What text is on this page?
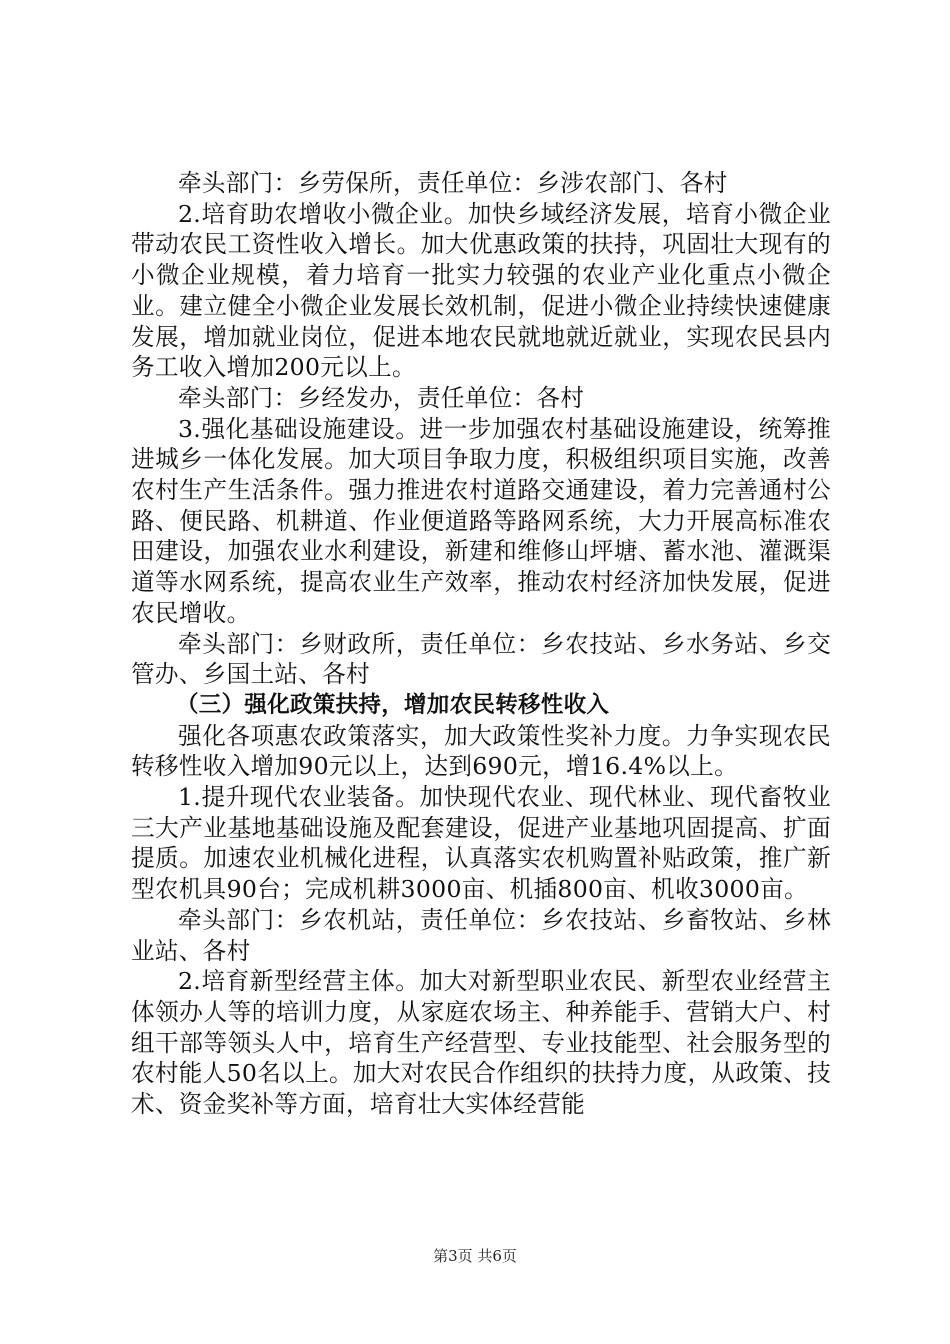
牵头部门：乡劳保所，责任单位：乡涉农部门、各村

2.培育助农增收小微企业。加快乡域经济发展，培育小微企业带动农民工资性收入增长。加大优惠政策的扶持，巩固壮大现有的小微企业规模，着力培育一批实力较强的农业产业化重点小微企业。建立健全小微企业发展长效机制，促进小微企业持续快速健康发展，增加就业岗位，促进本地农民就地就近就业，实现农民县内务工收入增加200元以上。

牵头部门：乡经发办，责任单位：各村

3.强化基础设施建设。进一步加强农村基础设施建设，统筹推进城乡一体化发展。加大项目争取力度，积极组织项目实施，改善农村生产生活条件。强力推进农村道路交通建设，着力完善通村公路、便民路、机耕道、作业便道路等路网系统，大力开展高标准农田建设，加强农业水利建设，新建和维修山坪塘、蓄水池、灌溉渠道等水网系统，提高农业生产效率，推动农村经济加快发展，促进农民增收。

牵头部门：乡财政所，责任单位：乡农技站、乡水务站、乡交管办、乡国土站、各村

（三）强化政策扶持，增加农民转移性收入

强化各项惠农政策落实，加大政策性奖补力度。力争实现农民转移性收入增加90元以上，达到690元，增16.4%以上。

1.提升现代农业装备。加快现代农业、现代林业、现代畜牧业三大产业基地基础设施及配套建设，促进产业基地巩固提高、扩面提质。加速农业机械化进程，认真落实农机购置补贴政策，推广新型农机具90台；完成机耕3000亩、机插800亩、机收3000亩。

牵头部门：乡农机站，责任单位：乡农技站、乡畜牧站、乡林业站、各村

2.培育新型经营主体。加大对新型职业农民、新型农业经营主体领办人等的培训力度，从家庭农场主、种养能手、营销大户、村组干部等领头人中，培育生产经营型、专业技能型、社会服务型的农村能人50名以上。加大对农民合作组织的扶持力度，从政策、技术、资金奖补等方面，培育壮大实体经营能

第3页 共6页
